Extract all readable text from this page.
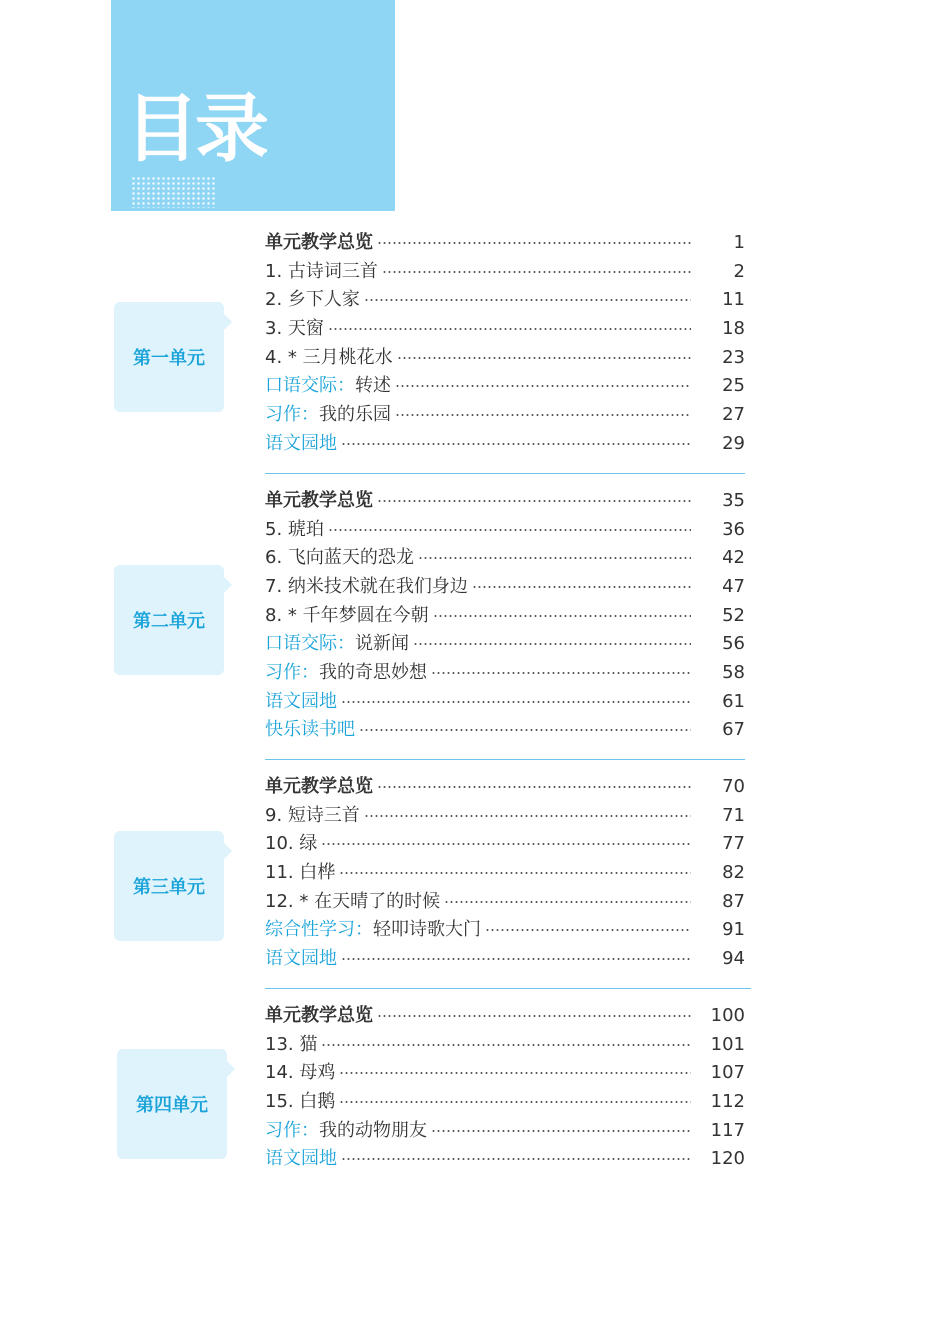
目录
第一单元
单元教学总览	1
1. 古诗词三首	2
2. 乡下人家	11
3. 天窗	18
4. * 三月桃花水	23
口语交际：转述	25
习作：我的乐园	27
语文园地	29
第二单元
单元教学总览	35
5. 琥珀	36
6. 飞向蓝天的恐龙	42
7. 纳米技术就在我们身边	47
8. * 千年梦圆在今朝	52
口语交际：说新闻	56
习作：我的奇思妙想	58
语文园地	61
快乐读书吧	67
第三单元
单元教学总览	70
9. 短诗三首	71
10. 绿	77
11. 白桦	82
12. * 在天晴了的时候	87
综合性学习：轻叩诗歌大门	91
语文园地	94
第四单元
单元教学总览	100
13. 猫	101
14. 母鸡	107
15. 白鹅	112
习作：我的动物朋友	117
语文园地	120
